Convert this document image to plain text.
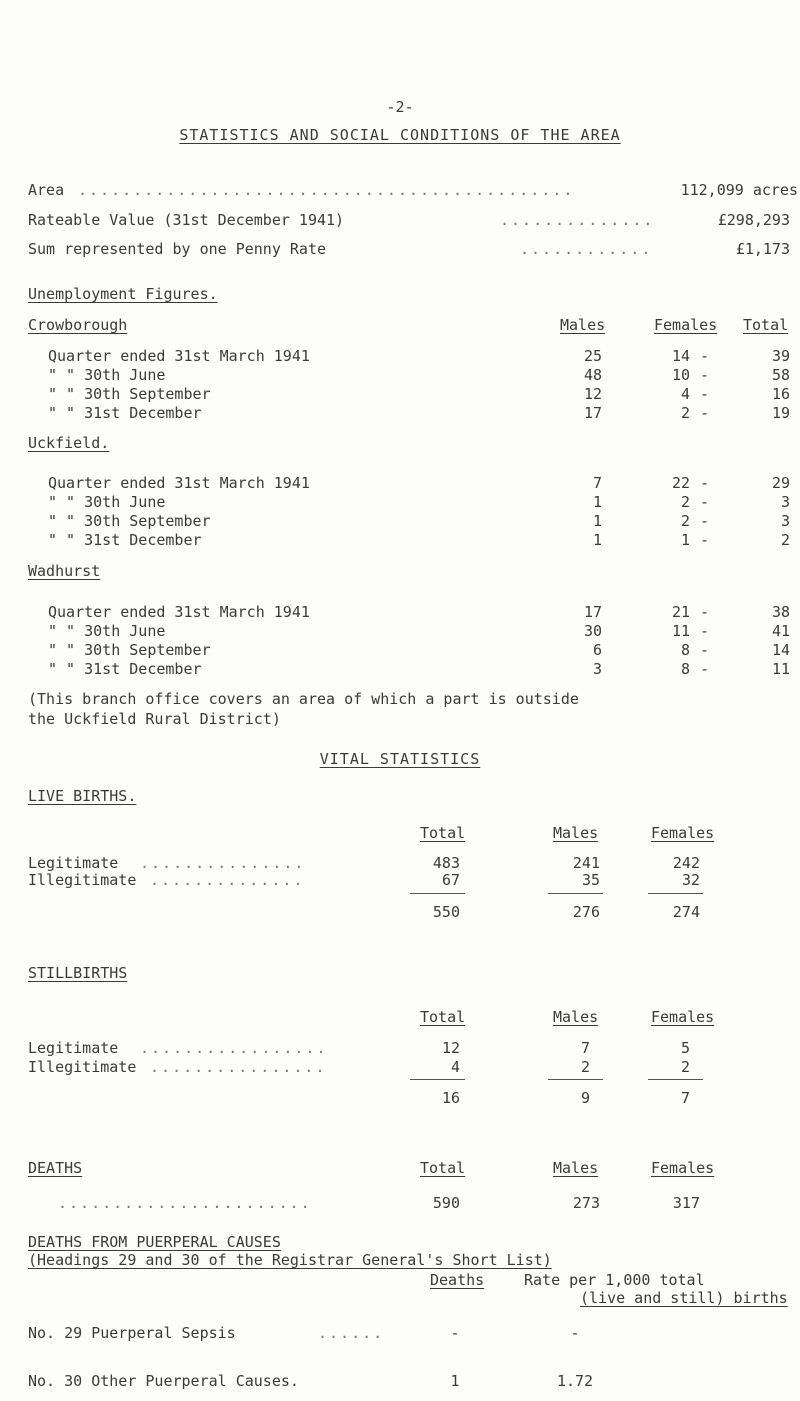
-2-
STATISTICS AND SOCIAL CONDITIONS OF THE AREA
Area .............................................	112,099 acres
Rateable Value (31st December 1941)	..............	£298,293
Sum represented by one Penny Rate	............	£1,173
Unemployment Figures.
Crowborough	Males	Females Total
Quarter ended 31st March 1941	25	14 -	39
" " 30th June	48	10 -	58
" " 30th September	12	4 -	16
" " 31st December	17	2 -	19
Uckfield.
Quarter ended 31st March 1941	7	22 -	29
" " 30th June	1	2 -	3
" " 30th September	1	2 -	3
" " 31st December	1	1 -	2
Wadhurst
Quarter ended 31st March 1941	17	21 -	38
" " 30th June	30	11 -	41
" " 30th September	6	8 -	14
" " 31st December	3	8 -	11
(This branch office covers an area of which a part is outside
the Uckfield Rural District)
VITAL STATISTICS
LIVE BIRTHS.
Total	Males	Females
Legitimate ...............	483	241	242
Illegitimate ..............	67	35	32
550	276	274
STILLBIRTHS
Total	Males	Females
Legitimate .................	12	7	5
Illegitimate ................	4	2	2
16	9	7
DEATHS	Total	Males	Females
.......................	590	273	317
DEATHS FROM PUERPERAL CAUSES
(Headings 29 and 30 of the Registrar General's Short List)
Deaths	Rate per 1,000 total
(live and still) births
No. 29 Puerperal Sepsis	......	-	-
No. 30 Other Puerperal Causes.	1	1.72
